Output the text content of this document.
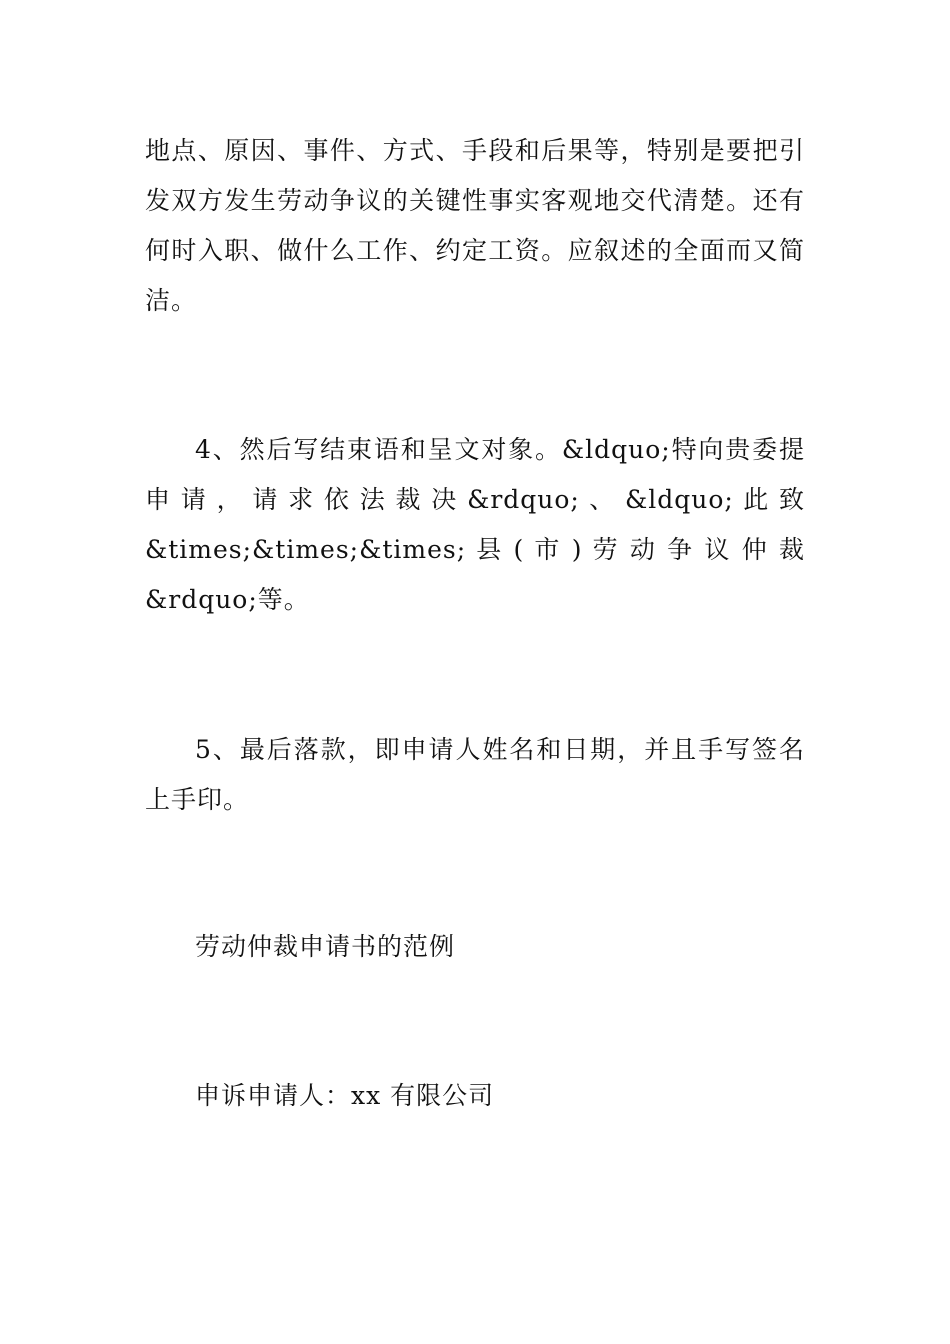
地点、原因、事件、方式、手段和后果等，特别是要把引
发双方发生劳动争议的关键性事实客观地交代清楚。还有
何时入职、做什么工作、约定工资。应叙述的全面而又简
洁。
4、然后写结束语和呈文对象。&ldquo;特向贵委提
申 请 ， 请 求 依 法 裁 决 &rdquo; 、 &ldquo; 此 致
&times;&times;&times; 县 ( 市 ) 劳 动 争 议 仲 裁
&rdquo;等。
5、最后落款，即申请人姓名和日期，并且手写签名
上手印。
劳动仲裁申请书的范例
申诉申请人：xx 有限公司
